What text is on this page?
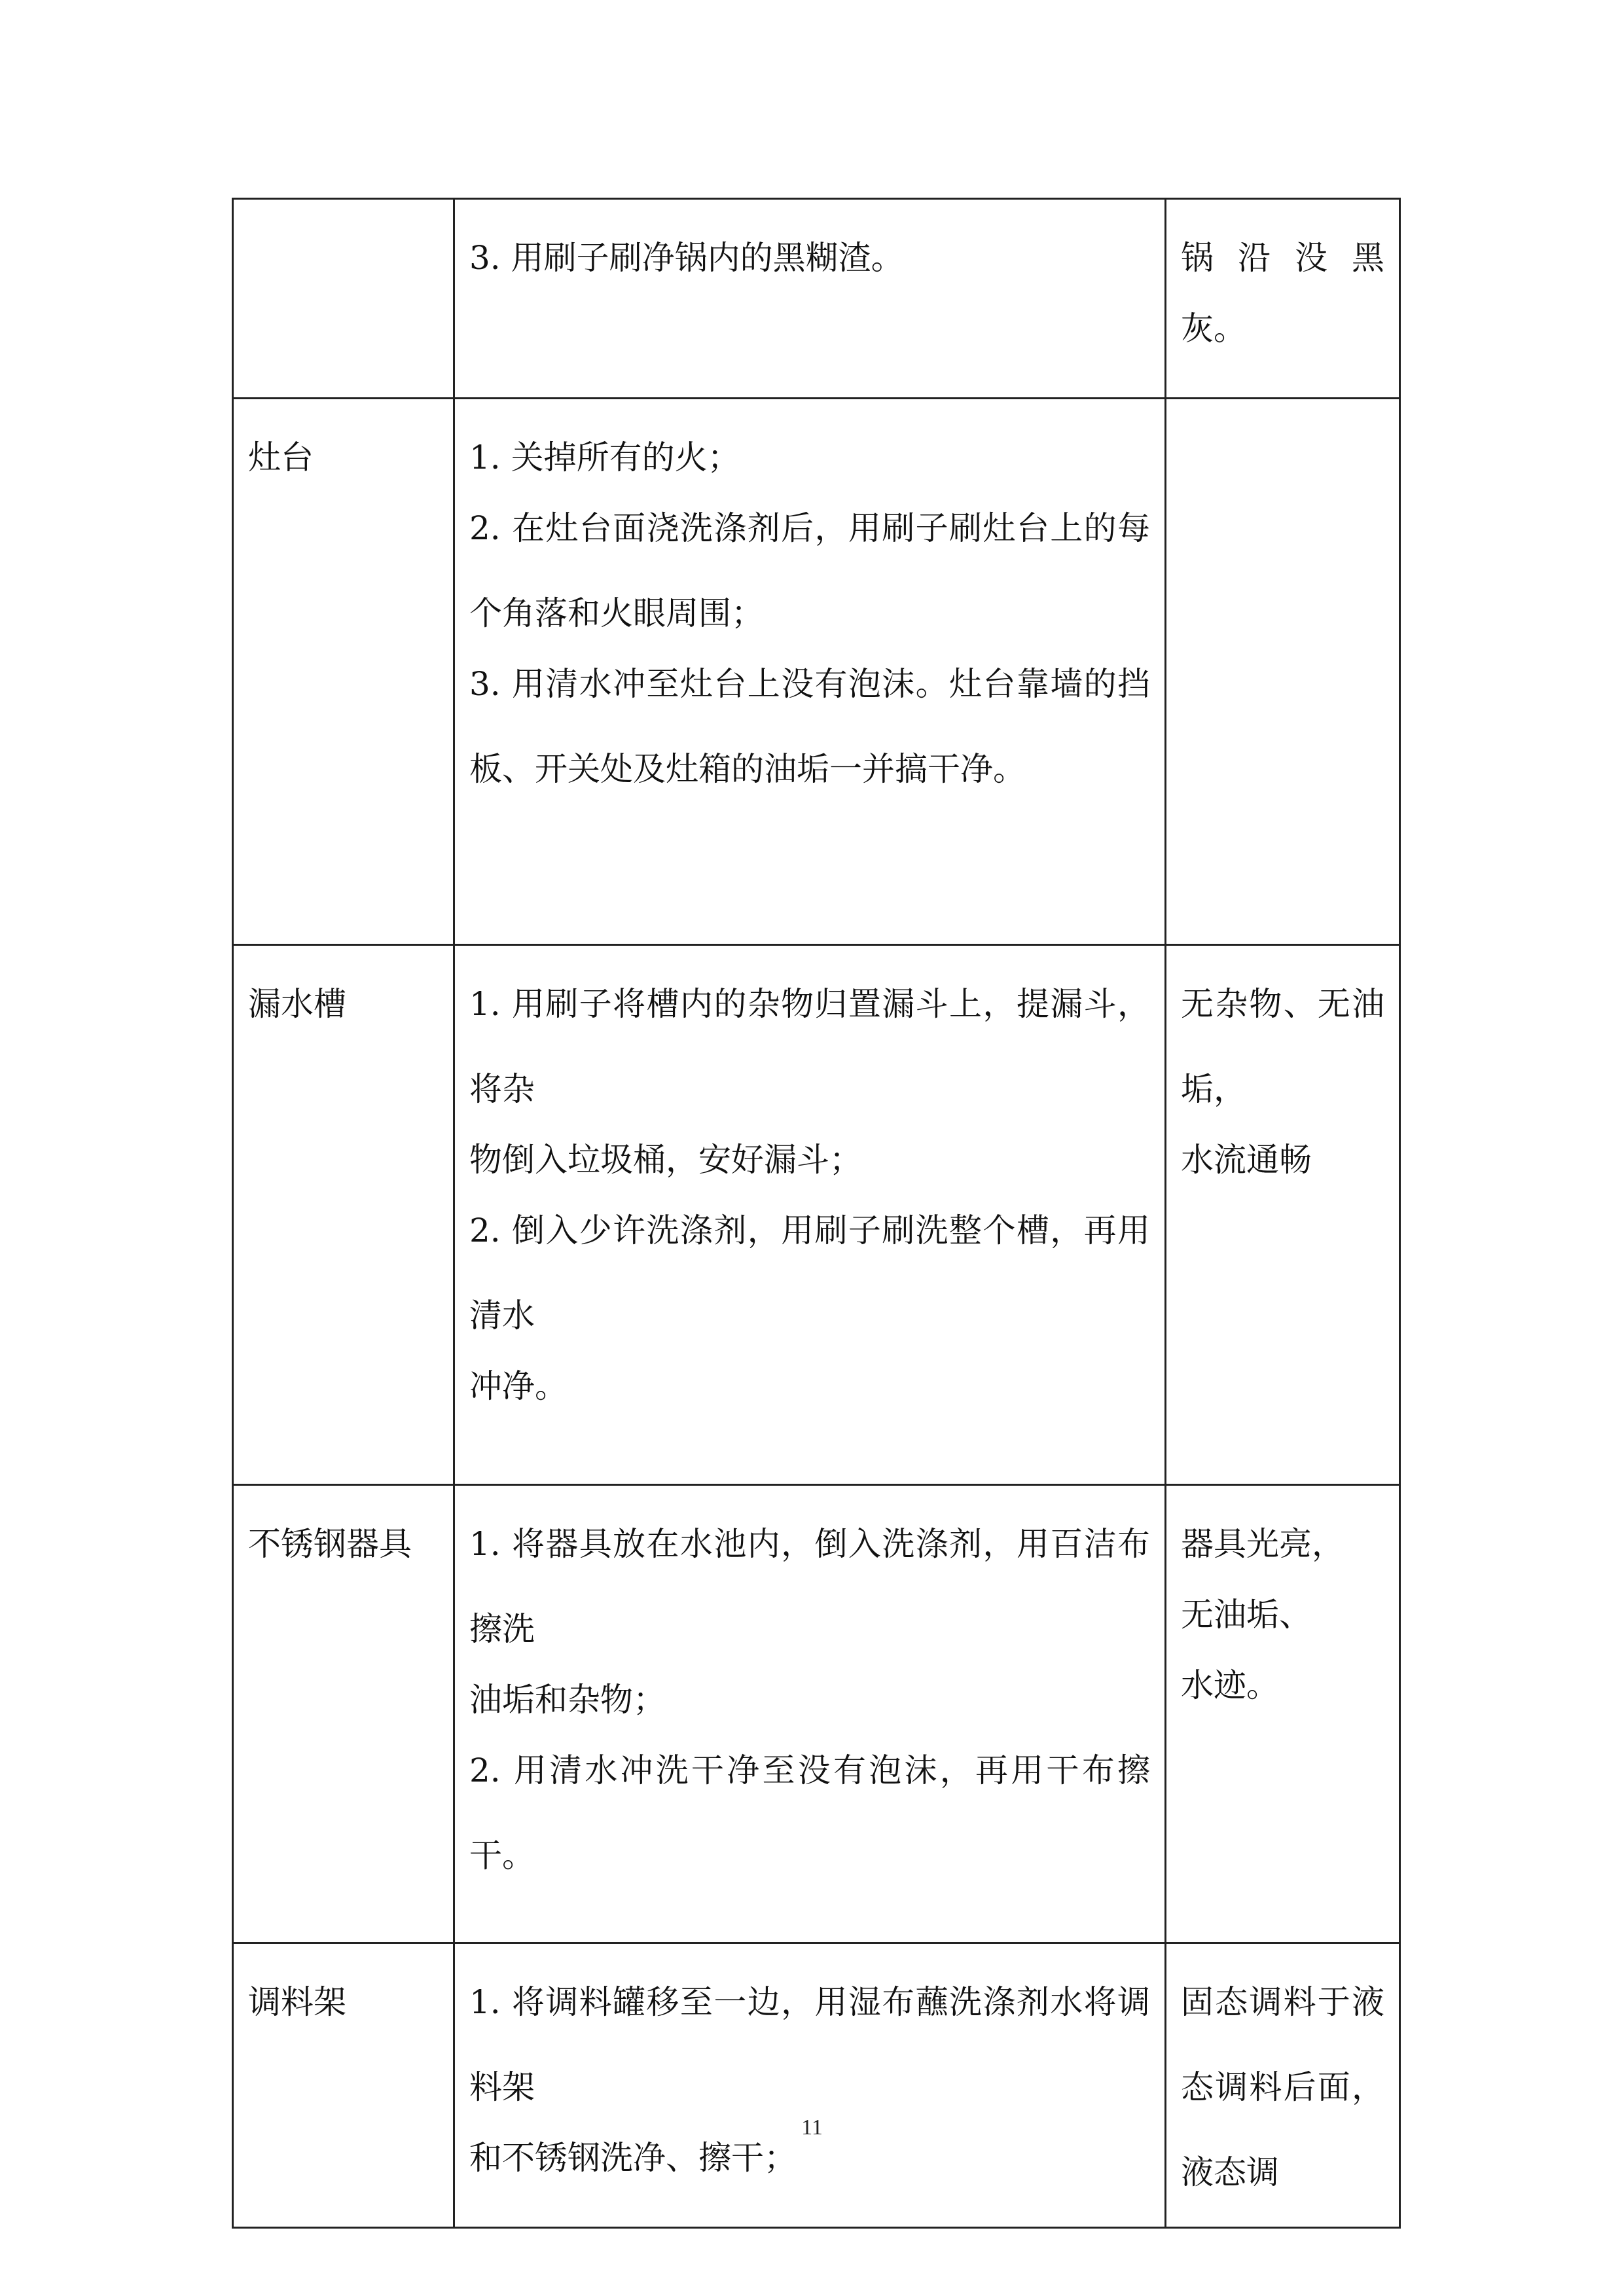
	3. 用刷子刷净锅内的黑糊渣。	锅沿没黑
灰。

灶台	1. 关掉所有的火；
2. 在灶台面浇洗涤剂后，用刷子刷灶台上的每个角落和火眼周围；
3. 用清水冲至灶台上没有泡沫。灶台靠墙的挡板、开关处及灶箱的油垢一并搞干净。	

漏水槽	1. 用刷子将槽内的杂物归置漏斗上，提漏斗，将杂
物倒入垃圾桶，安好漏斗；
2. 倒入少许洗涤剂，用刷子刷洗整个槽，再用清水
冲净。	无杂物、无油垢，
水流通畅

不锈钢器具	1. 将器具放在水池内，倒入洗涤剂，用百洁布擦洗
油垢和杂物；
2. 用清水冲洗干净至没有泡沫，再用干布擦干。	器具光亮，
无油垢、
水迹。

调料架	1. 将调料罐移至一边，用湿布蘸洗涤剂水将调料架
和不锈钢洗净、擦干；	固态调料于液态调料后面，液态调
11
